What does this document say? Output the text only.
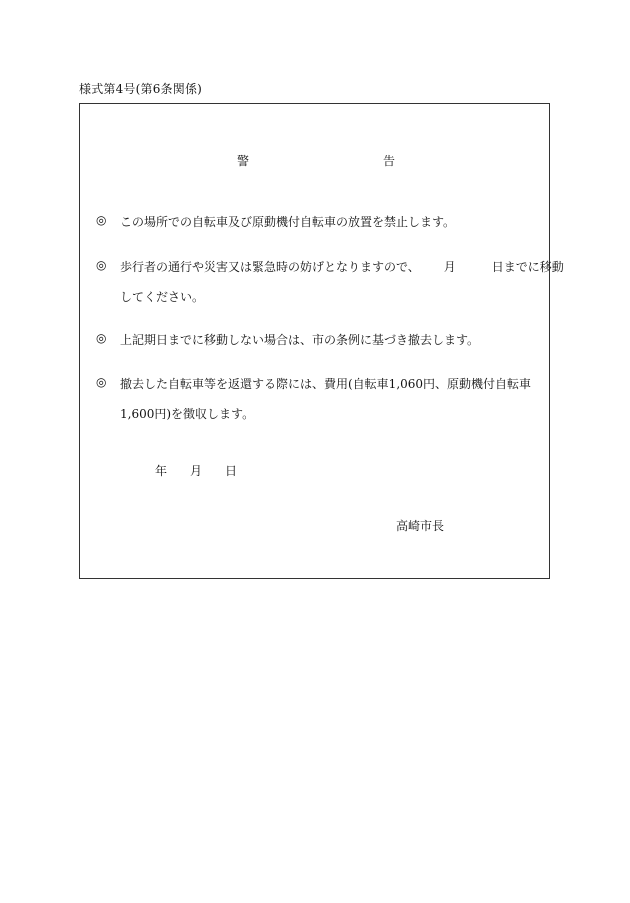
様式第4号(第6条関係)
警	告
◎ この場所での自転車及び原動機付自転車の放置を禁止します。
◎ 歩行者の通行や災害又は緊急時の妨げとなりますので、 月	日までに移動
してください。
◎ 上記期日までに移動しない場合は、市の条例に基づき撤去します。
◎ 撤去した自転車等を返還する際には、費用(自転車1,060円、原動機付自転車
1,600円)を徴収します。
年 月 日
高崎市長
